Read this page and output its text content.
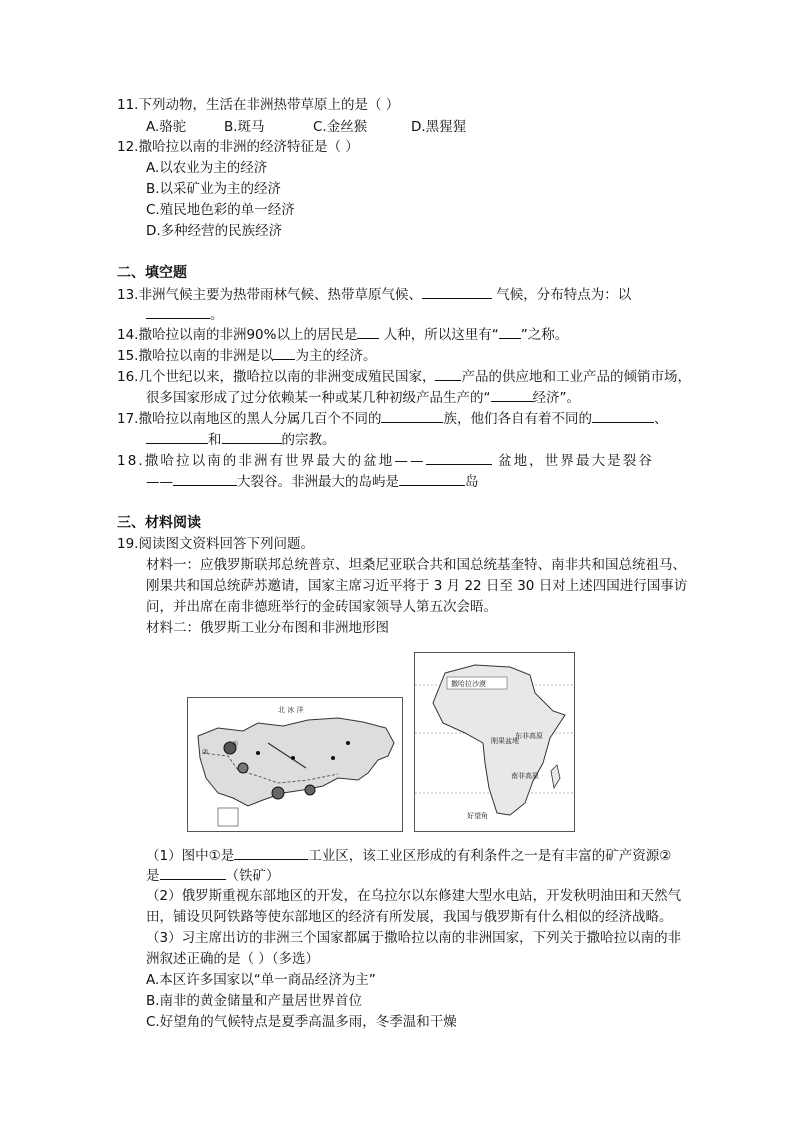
11.下列动物，生活在非洲热带草原上的是（ ）
A.骆驼	B.斑马	C.金丝猴	D.黑猩猩
12.撒哈拉以南的非洲的经济特征是（ ）
A.以农业为主的经济
B.以采矿业为主的经济
C.殖民地色彩的单一经济
D.多种经营的民族经济
二、填空题
13.非洲气候主要为热带雨林气候、热带草原气候、	气候，分布特点为：以
。
14.撒哈拉以南的非洲90%以上的居民是 人种，所以这里有“ ”之称。
15.撒哈拉以南的非洲是以 为主的经济。
16.几个世纪以来，撒哈拉以南的非洲变成殖民国家， 产品的供应地和工业产品的倾销市场，
很多国家形成了过分依赖某一种或某几种初级产品生产的“	经济”。
17.撒哈拉以南地区的黑人分属几百个不同的	族，他们各自有着不同的	、
和	的宗教。
18.撒哈拉以南的非洲有世界最大的盆地——	盆地，世界最大是裂谷
——	大裂谷。非洲最大的岛屿是	岛
三、材料阅读
19.阅读图文资料回答下列问题。
材料一：应俄罗斯联邦总统普京、坦桑尼亚联合共和国总统基奎特、南非共和国总统祖马、
刚果共和国总统萨苏邀请，国家主席习近平将于 3 月 22 日至 30 日对上述四国进行国事访
问，并出席在南非德班举行的金砖国家领导人第五次会晤。
材料二：俄罗斯工业分布图和非洲地形图
北 冰 洋
①
②
撒哈拉沙漠
刚果盆地
东非高原
南非高原
好望角
（1）图中①是	工业区，该工业区形成的有利条件之一是有丰富的矿产资源②
是	（铁矿）
（2）俄罗斯重视东部地区的开发，在乌拉尔以东修建大型水电站，开发秋明油田和天然气
田，铺设贝阿铁路等使东部地区的经济有所发展，我国与俄罗斯有什么相似的经济战略。
（3）习主席出访的非洲三个国家都属于撒哈拉以南的非洲国家，下列关于撒哈拉以南的非
洲叙述正确的是（ ）（多选）
A.本区许多国家以“单一商品经济为主”
B.南非的黄金储量和产量居世界首位
C.好望角的气候特点是夏季高温多雨，冬季温和干燥
